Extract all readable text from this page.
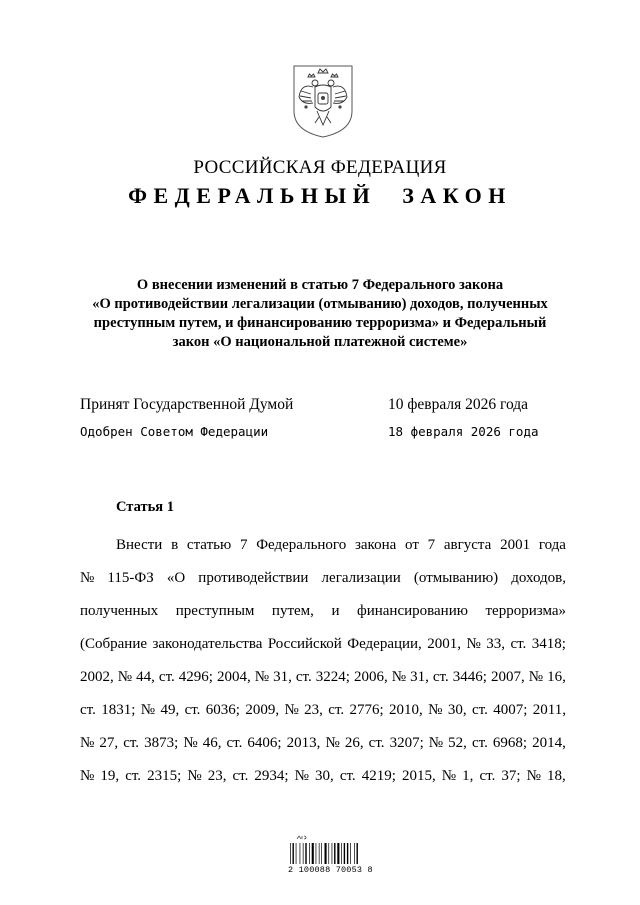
РОССИЙСКАЯ ФЕДЕРАЦИЯ
ФЕДЕРАЛЬНЫЙ ЗАКОН
О внесении изменений в статью 7 Федерального закона
«О противодействии легализации (отмыванию) доходов, полученных
преступным путем, и финансированию терроризма» и Федеральный
закон «О национальной платежной системе»
Принят Государственной Думой	10 февраля 2026 года
Одобрен Советом Федерации	18 февраля 2026 года
Статья 1
Внести в статью 7 Федерального закона от 7 августа 2001 года
№ 115-ФЗ «О противодействии легализации (отмыванию) доходов,
полученных преступным путем, и финансированию терроризма»
(Собрание законодательства Российской Федерации, 2001, № 33, ст. 3418;
2002, № 44, ст. 4296; 2004, № 31, ст. 3224; 2006, № 31, ст. 3446; 2007, № 16,
ст. 1831; № 49, ст. 6036; 2009, № 23, ст. 2776; 2010, № 30, ст. 4007; 2011,
№ 27, ст. 3873; № 46, ст. 6406; 2013, № 26, ст. 3207; № 52, ст. 6968; 2014,
№ 19, ст. 2315; № 23, ст. 2934; № 30, ст. 4219; 2015, № 1, ст. 37; № 18,
2 100088 70053 8
